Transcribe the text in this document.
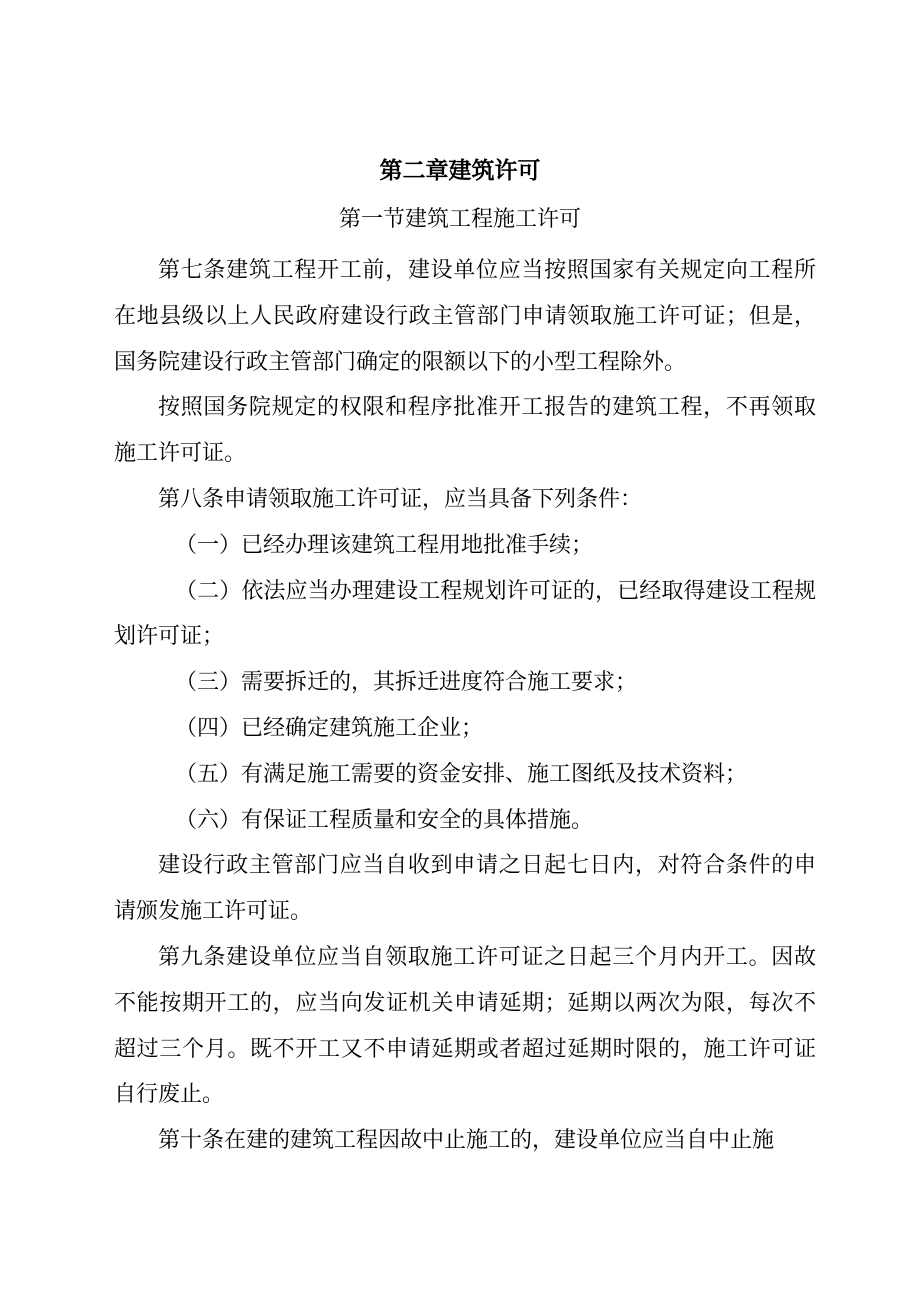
第二章建筑许可
第一节建筑工程施工许可

第七条建筑工程开工前，建设单位应当按照国家有关规定向工程所在地县级以上人民政府建设行政主管部门申请领取施工许可证；但是，国务院建设行政主管部门确定的限额以下的小型工程除外。

按照国务院规定的权限和程序批准开工报告的建筑工程，不再领取施工许可证。

第八条申请领取施工许可证，应当具备下列条件：

（一）已经办理该建筑工程用地批准手续；

（二）依法应当办理建设工程规划许可证的，已经取得建设工程规划许可证；

（三）需要拆迁的，其拆迁进度符合施工要求；

（四）已经确定建筑施工企业；

（五）有满足施工需要的资金安排、施工图纸及技术资料；

（六）有保证工程质量和安全的具体措施。

建设行政主管部门应当自收到申请之日起七日内，对符合条件的申请颁发施工许可证。

第九条建设单位应当自领取施工许可证之日起三个月内开工。因故不能按期开工的，应当向发证机关申请延期；延期以两次为限，每次不超过三个月。既不开工又不申请延期或者超过延期时限的，施工许可证自行废止。

第十条在建的建筑工程因故中止施工的，建设单位应当自中止施
